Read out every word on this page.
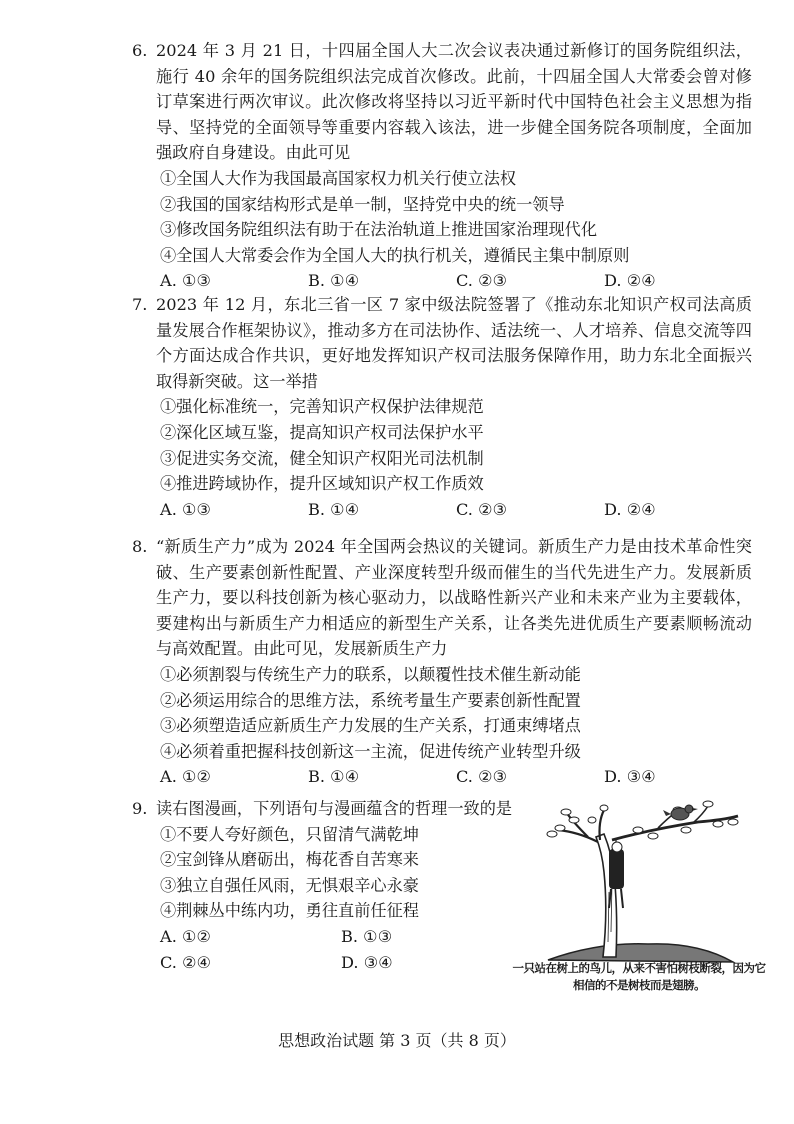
6. 2024 年 3 月 21 日，十四届全国人大二次会议表决通过新修订的国务院组织法，施行 40 余年的国务院组织法完成首次修改。此前，十四届全国人大常委会曾对修订草案进行两次审议。此次修改将坚持以习近平新时代中国特色社会主义思想为指导、坚持党的全面领导等重要内容载入该法，进一步健全国务院各项制度，全面加强政府自身建设。由此可见

①全国人大作为我国最高国家权力机关行使立法权

②我国的国家结构形式是单一制，坚持党中央的统一领导

③修改国务院组织法有助于在法治轨道上推进国家治理现代化

④全国人大常委会作为全国人大的执行机关，遵循民主集中制原则

A. ①③	B. ①④	C. ②③	D. ②④

7. 2023 年 12 月，东北三省一区 7 家中级法院签署了《推动东北知识产权司法高质量发展合作框架协议》，推动多方在司法协作、适法统一、人才培养、信息交流等四个方面达成合作共识，更好地发挥知识产权司法服务保障作用，助力东北全面振兴取得新突破。这一举措

①强化标准统一，完善知识产权保护法律规范

②深化区域互鉴，提高知识产权司法保护水平

③促进实务交流，健全知识产权阳光司法机制

④推进跨域协作，提升区域知识产权工作质效

A. ①③	B. ①④	C. ②③	D. ②④

8. “新质生产力”成为 2024 年全国两会热议的关键词。新质生产力是由技术革命性突破、生产要素创新性配置、产业深度转型升级而催生的当代先进生产力。发展新质生产力，要以科技创新为核心驱动力，以战略性新兴产业和未来产业为主要载体，要建构出与新质生产力相适应的新型生产关系，让各类先进优质生产要素顺畅流动与高效配置。由此可见，发展新质生产力

①必须割裂与传统生产力的联系，以颠覆性技术催生新动能

②必须运用综合的思维方法，系统考量生产要素创新性配置

③必须塑造适应新质生产力发展的生产关系，打通束缚堵点

④必须着重把握科技创新这一主流，促进传统产业转型升级

A. ①②	B. ①④	C. ②③	D. ③④

9. 读右图漫画，下列语句与漫画蕴含的哲理一致的是

①不要人夸好颜色，只留清气满乾坤

②宝剑锋从磨砺出，梅花香自苦寒来

③独立自强任风雨，无惧艰辛心永豪

④荆棘丛中练内功，勇往直前任征程

A. ①②	B. ①③
C. ②④	D. ③④	一只站在树上的鸟儿，从来不害怕树枝断裂，因为它相信的不是树枝而是翅膀。
思想政治试题 第 3 页（共 8 页）
